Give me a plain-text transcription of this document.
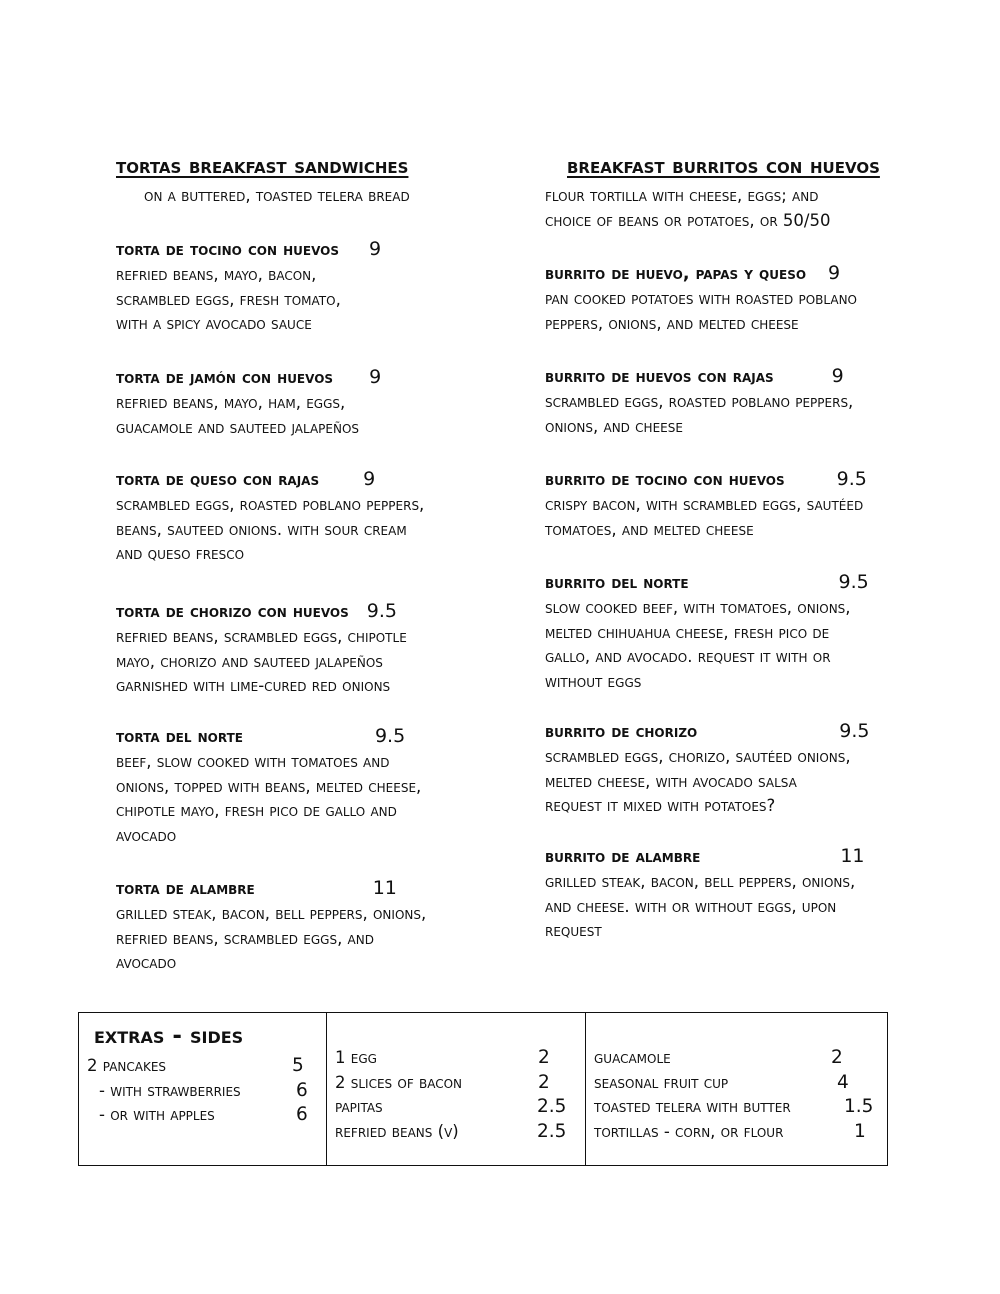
tortas breakfast sandwiches

on a buttered, toasted telera bread

torta de tocino con huevos 9
refried beans, mayo, bacon,
scrambled eggs, fresh tomato,
with a spicy avocado sauce
torta de jamón con huevos 9
refried beans, mayo, ham, eggs,
guacamole and sauteed jalapeños
torta de queso con rajas 9
scrambled eggs, roasted poblano peppers,
beans, sauteed onions. with sour cream
and queso fresco
torta de chorizo con huevos 9.5
refried beans, scrambled eggs, chipotle
mayo, chorizo and sauteed jalapeños
garnished with lime-cured red onions
torta del norte	9.5
beef, slow cooked with tomatoes and
onions, topped with beans, melted cheese,
chipotle mayo, fresh pico de gallo and
avocado
torta de alambre	11
grilled steak, bacon, bell peppers, onions,
refried beans, scrambled eggs, and
avocado
breakfast burritos con huevos

flour tortilla with cheese, eggs; and

choice of beans or potatoes, or 50/50

burrito de huevo, papas y queso 9
pan cooked potatoes with roasted poblano
peppers, onions, and melted cheese
burrito de huevos con rajas	9
scrambled eggs, roasted poblano peppers,
onions, and cheese
burrito de tocino con huevos	9.5
crispy bacon, with scrambled eggs, sautéed
tomatoes, and melted cheese
burrito del norte	9.5
slow cooked beef, with tomatoes, onions,
melted chihuahua cheese, fresh pico de
gallo, and avocado. request it with or
without eggs
burrito de chorizo	9.5
scrambled eggs, chorizo, sautéed onions,
melted cheese, with avocado salsa
request it mixed with potatoes?
burrito de alambre	11
grilled steak, bacon, bell peppers, onions,
and cheese. with or without eggs, upon
request
extras - sides
2 pancakes	5
- with strawberries	6
- or with apples	6
1 egg	2
2 slices of bacon	2
papitas	2.5
refried beans (v)	2.5
guacamole	2
seasonal fruit cup	4
toasted telera with butter	1.5
tortillas - corn, or flour	1
